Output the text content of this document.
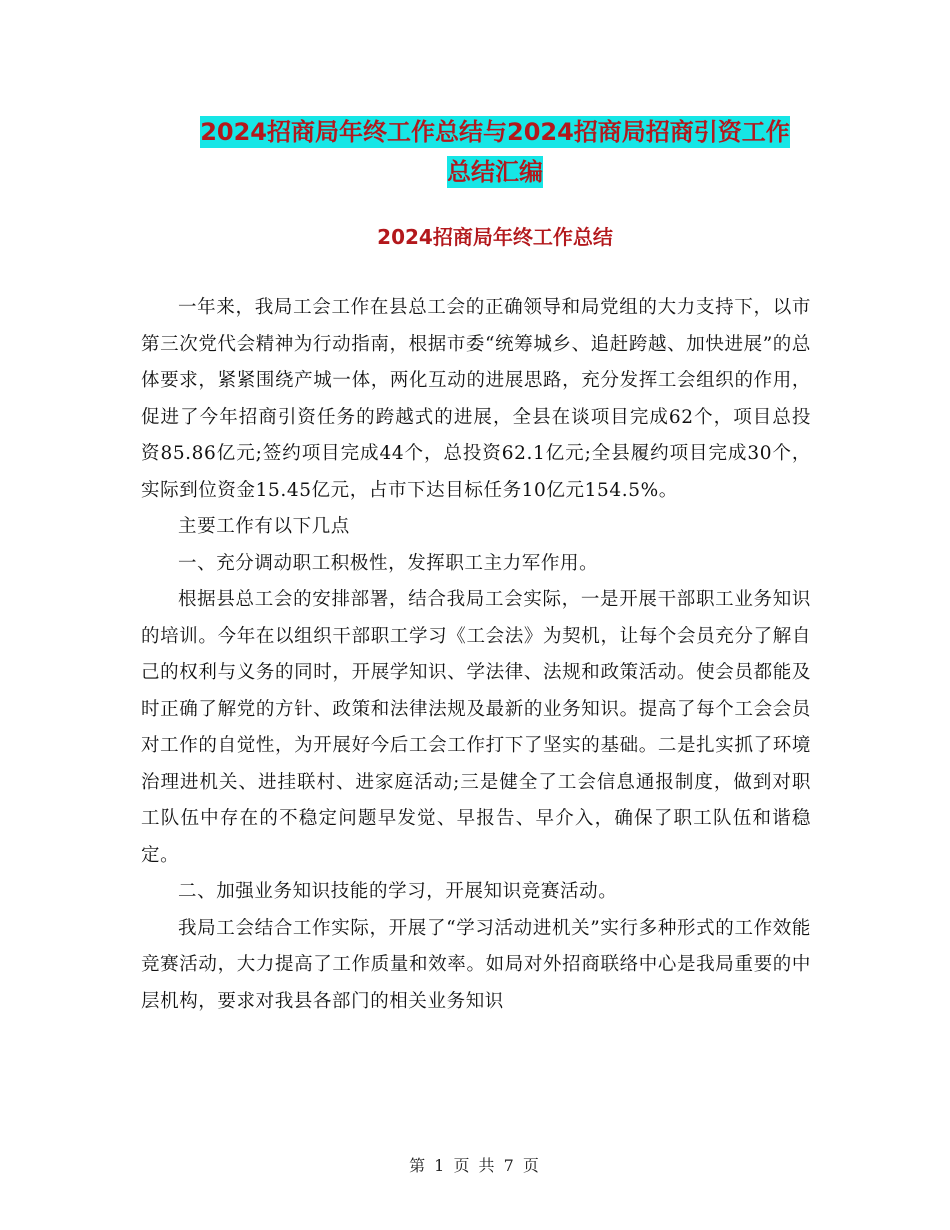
2024招商局年终工作总结与2024招商局招商引资工作
总结汇编
2024招商局年终工作总结

一年来，我局工会工作在县总工会的正确领导和局党组的大力支持下，以市第三次党代会精神为行动指南，根据市委“统筹城乡、追赶跨越、加快进展”的总体要求，紧紧围绕产城一体，两化互动的进展思路，充分发挥工会组织的作用，促进了今年招商引资任务的跨越式的进展，全县在谈项目完成62个，项目总投资85.86亿元;签约项目完成44个，总投资62.1亿元;全县履约项目完成30个，实际到位资金15.45亿元，占市下达目标任务10亿元154.5%。

主要工作有以下几点

一、充分调动职工积极性，发挥职工主力军作用。

根据县总工会的安排部署，结合我局工会实际，一是开展干部职工业务知识的培训。今年在以组织干部职工学习《工会法》为契机，让每个会员充分了解自己的权利与义务的同时，开展学知识、学法律、法规和政策活动。使会员都能及时正确了解党的方针、政策和法律法规及最新的业务知识。提高了每个工会会员对工作的自觉性，为开展好今后工会工作打下了坚实的基础。二是扎实抓了环境治理进机关、进挂联村、进家庭活动;三是健全了工会信息通报制度，做到对职工队伍中存在的不稳定问题早发觉、早报告、早介入，确保了职工队伍和谐稳定。

二、加强业务知识技能的学习，开展知识竞赛活动。

我局工会结合工作实际，开展了“学习活动进机关”实行多种形式的工作效能竞赛活动，大力提高了工作质量和效率。如局对外招商联络中心是我局重要的中层机构，要求对我县各部门的相关业务知识

第 1 页 共 7 页
